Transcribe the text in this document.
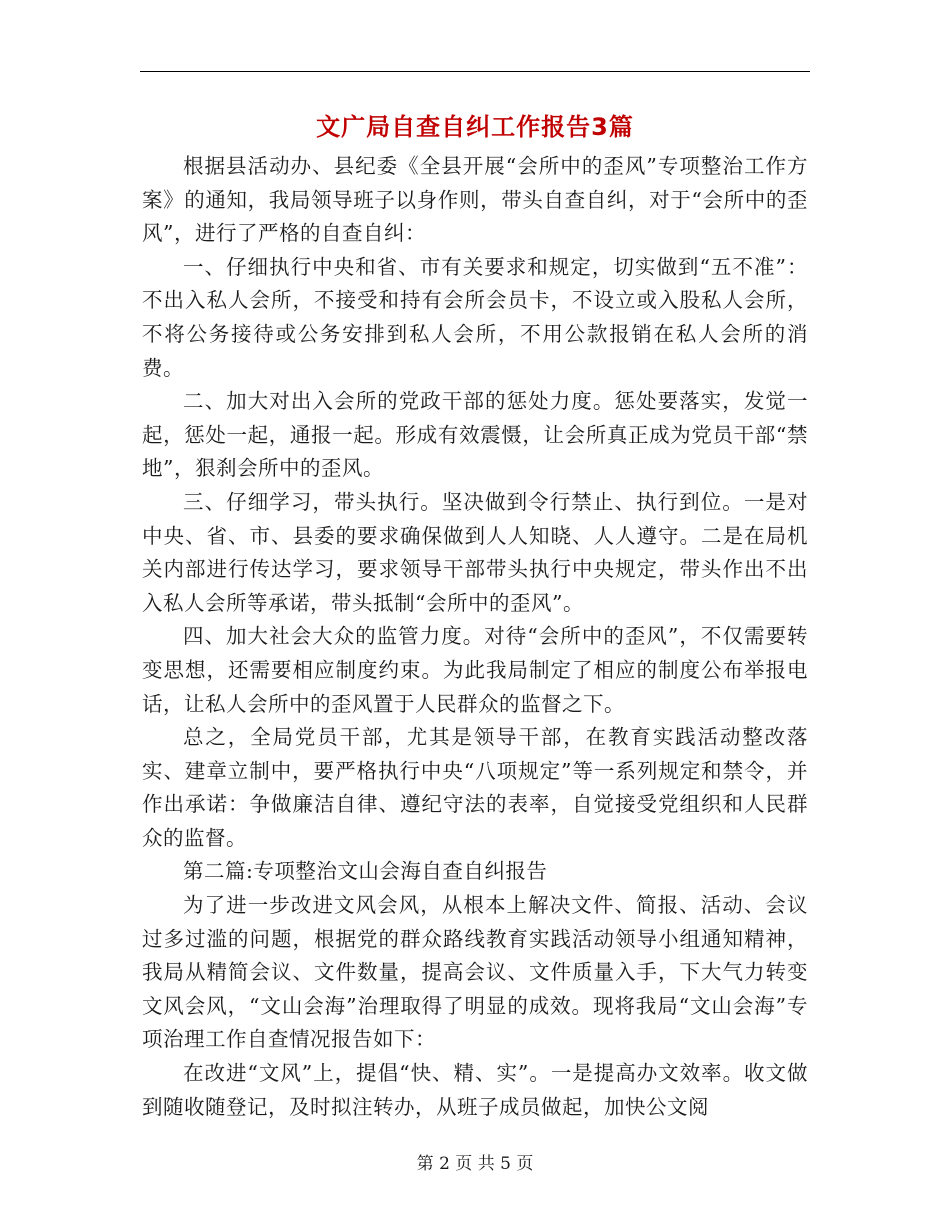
文广局自查自纠工作报告3篇

根据县活动办、县纪委《全县开展“会所中的歪风”专项整治工作方案》的通知，我局领导班子以身作则，带头自查自纠，对于“会所中的歪风”，进行了严格的自查自纠：

一、仔细执行中央和省、市有关要求和规定，切实做到“五不准”：不出入私人会所，不接受和持有会所会员卡，不设立或入股私人会所，不将公务接待或公务安排到私人会所，不用公款报销在私人会所的消费。

二、加大对出入会所的党政干部的惩处力度。惩处要落实，发觉一起，惩处一起，通报一起。形成有效震慑，让会所真正成为党员干部“禁地”，狠刹会所中的歪风。

三、仔细学习，带头执行。坚决做到令行禁止、执行到位。一是对中央、省、市、县委的要求确保做到人人知晓、人人遵守。二是在局机关内部进行传达学习，要求领导干部带头执行中央规定，带头作出不出入私人会所等承诺，带头抵制“会所中的歪风”。

四、加大社会大众的监管力度。对待“会所中的歪风”，不仅需要转变思想，还需要相应制度约束。为此我局制定了相应的制度公布举报电话，让私人会所中的歪风置于人民群众的监督之下。

总之，全局党员干部，尤其是领导干部，在教育实践活动整改落实、建章立制中，要严格执行中央“八项规定”等一系列规定和禁令，并作出承诺：争做廉洁自律、遵纪守法的表率，自觉接受党组织和人民群众的监督。

第二篇:专项整治文山会海自查自纠报告

为了进一步改进文风会风，从根本上解决文件、简报、活动、会议过多过滥的问题，根据党的群众路线教育实践活动领导小组通知精神，我局从精简会议、文件数量，提高会议、文件质量入手，下大气力转变文风会风，“文山会海”治理取得了明显的成效。现将我局“文山会海”专项治理工作自查情况报告如下：

在改进“文风”上，提倡“快、精、实”。一是提高办文效率。收文做到随收随登记，及时拟注转办，从班子成员做起，加快公文阅

第 2 页 共 5 页
